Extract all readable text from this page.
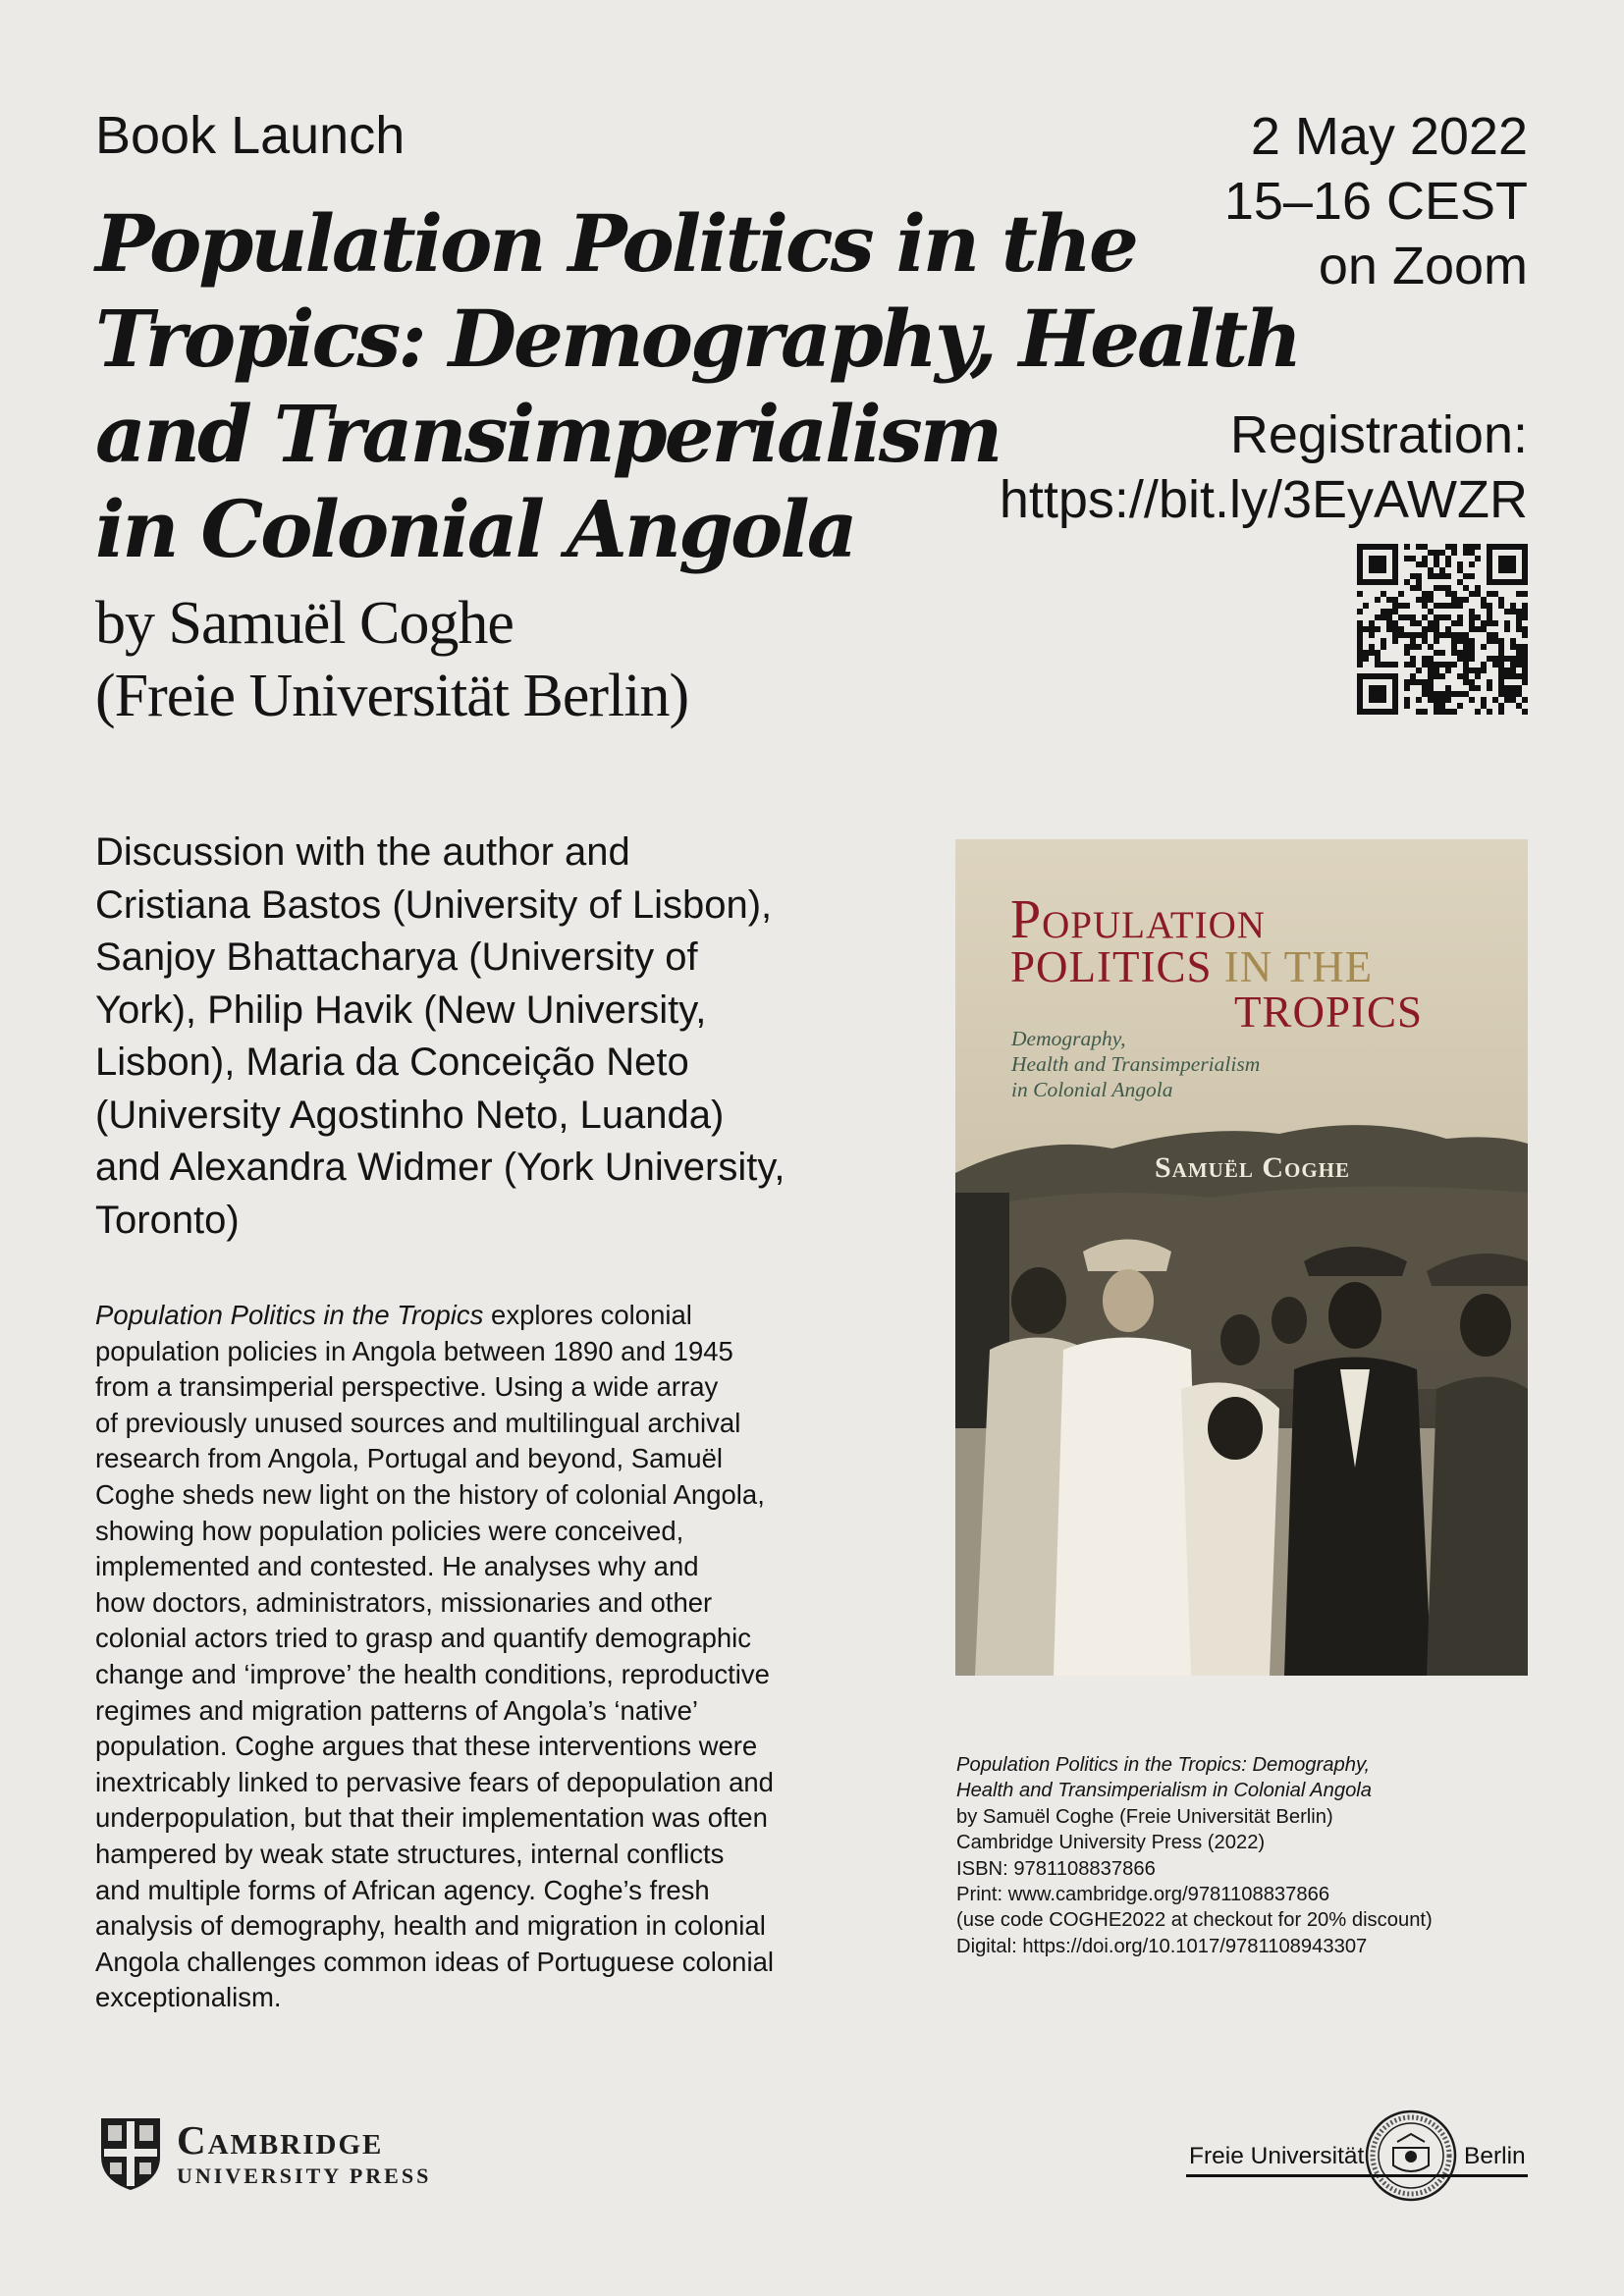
Book Launch	2 May 2022
15–16 CEST
on Zoom
Population Politics in the
Tropics: Demography, Health
and Transimperialism
in Colonial Angola
by Samuël Coghe
(Freie Universität Berlin)
Registration:
https://bit.ly/3EyAWZR
Discussion with the author and
Cristiana Bastos (University of Lisbon),
Sanjoy Bhattacharya (University of
York), Philip Havik (New University,
Lisbon), Maria da Conceição Neto
(University Agostinho Neto, Luanda)
and Alexandra Widmer (York University,
Toronto)
Population Politics in the Tropics explores colonial
population policies in Angola between 1890 and 1945
from a transimperial perspective. Using a wide array
of previously unused sources and multilingual archival
research from Angola, Portugal and beyond, Samuël
Coghe sheds new light on the history of colonial Angola,
showing how population policies were conceived,
implemented and contested. He analyses why and
how doctors, administrators, missionaries and other
colonial actors tried to grasp and quantify demographic
change and ‘improve’ the health conditions, reproductive
regimes and migration patterns of Angola’s ‘native’
population. Coghe argues that these interventions were
inextricably linked to pervasive fears of depopulation and
underpopulation, but that their implementation was often
hampered by weak state structures, internal conflicts
and multiple forms of African agency. Coghe’s fresh
analysis of demography, health and migration in colonial
Angola challenges common ideas of Portuguese colonial
exceptionalism.
Population
POLITICS IN THE
TROPICS
Demography,
Health and Transimperialism
in Colonial Angola
Samuël Coghe
Population Politics in the Tropics: Demography,
Health and Transimperialism in Colonial Angola
by Samuël Coghe (Freie Universität Berlin)
Cambridge University Press (2022)
ISBN: 9781108837866
Print: www.cambridge.org/9781108837866
(use code COGHE2022 at checkout for 20% discount)
Digital: https://doi.org/10.1017/9781108943307
Cambridge
UNIVERSITY PRESS
Freie Universität	Berlin
